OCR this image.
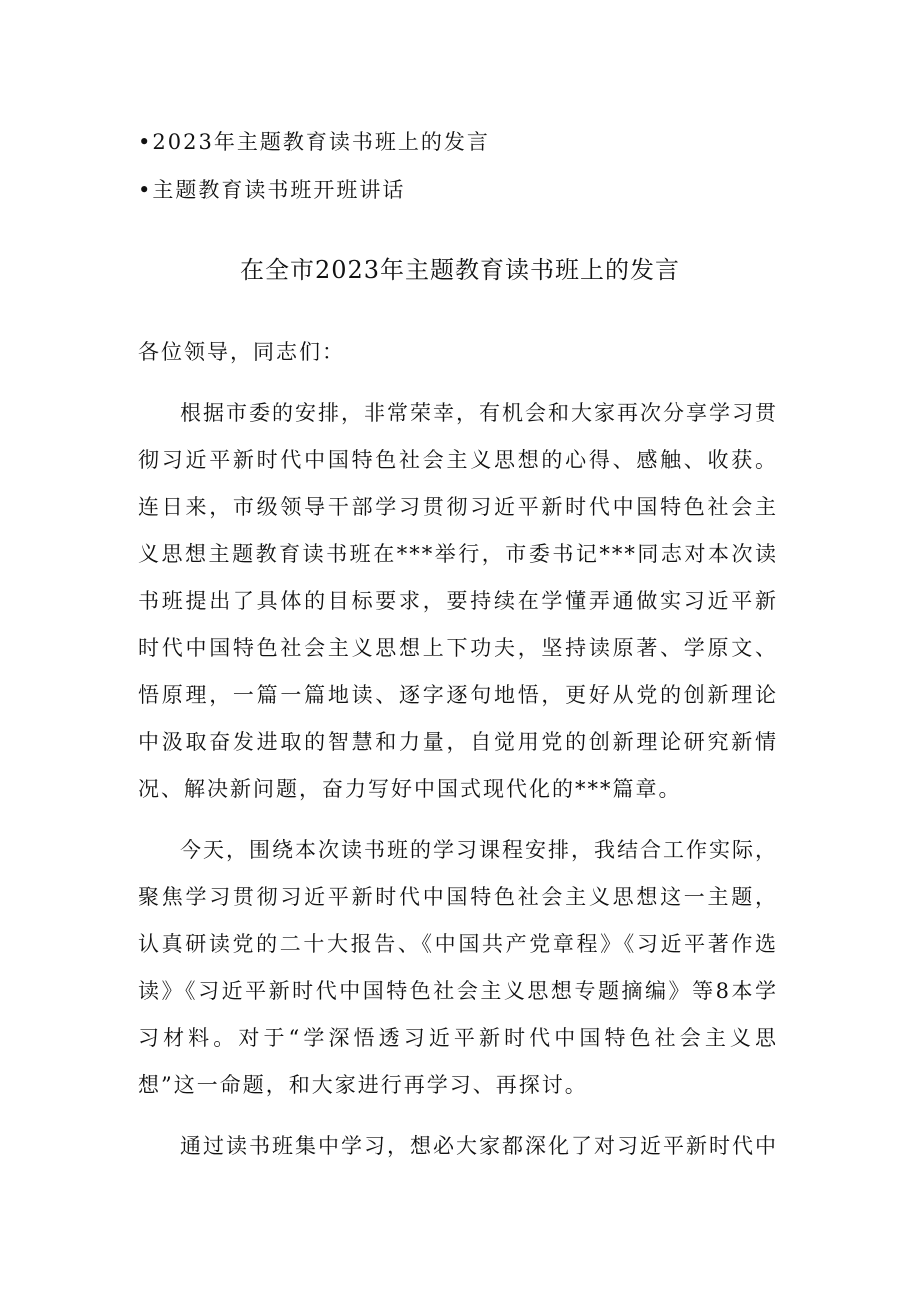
•2023年主题教育读书班上的发言
•主题教育读书班开班讲话
在全市2023年主题教育读书班上的发言
各位领导，同志们：

根据市委的安排，非常荣幸，有机会和大家再次分享学习贯彻习近平新时代中国特色社会主义思想的心得、感触、收获。连日来，市级领导干部学习贯彻习近平新时代中国特色社会主义思想主题教育读书班在***举行，市委书记***同志对本次读书班提出了具体的目标要求，要持续在学懂弄通做实习近平新时代中国特色社会主义思想上下功夫，坚持读原著、学原文、悟原理，一篇一篇地读、逐字逐句地悟，更好从党的创新理论中汲取奋发进取的智慧和力量，自觉用党的创新理论研究新情况、解决新问题，奋力写好中国式现代化的***篇章。

今天，围绕本次读书班的学习课程安排，我结合工作实际，聚焦学习贯彻习近平新时代中国特色社会主义思想这一主题，认真研读党的二十大报告、《中国共产党章程》《习近平著作选读》《习近平新时代中国特色社会主义思想专题摘编》等8本学习材料。对于“学深悟透习近平新时代中国特色社会主义思想”这一命题，和大家进行再学习、再探讨。

通过读书班集中学习，想必大家都深化了对习近平新时代中
